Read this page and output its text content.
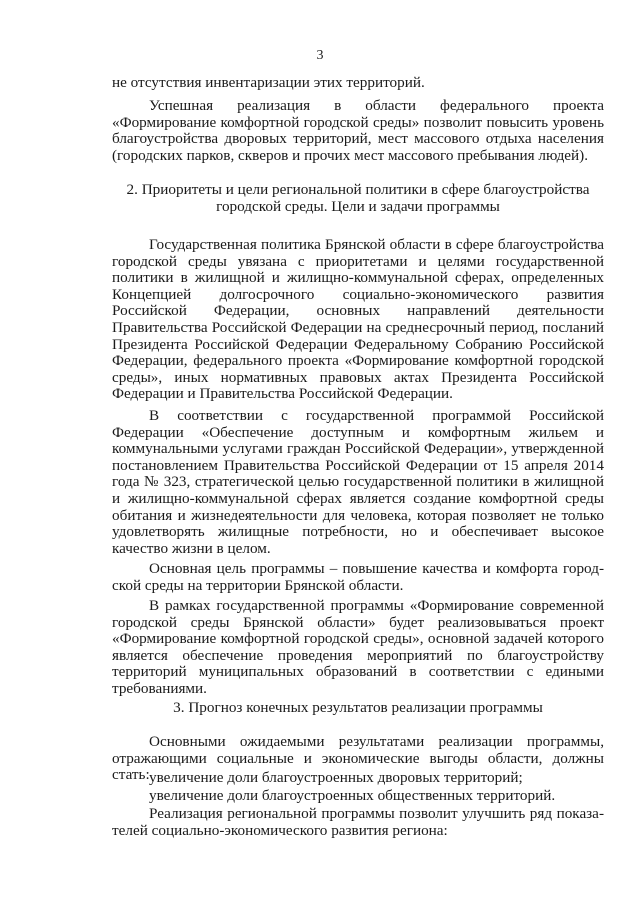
3

не отсутствия инвентаризации этих территорий.

Успешная реализация в области федерального проекта «Формирование комфортной городской среды» позволит повысить уровень благоустройства дворовых территорий, мест массового отдыха населения (городских парков, скверов и прочих мест массового пребывания людей).

2. Приоритеты и цели региональной политики в сфере благоустройства городской среды. Цели и задачи программы

Государственная политика Брянской области в сфере благоустройства городской среды увязана с приоритетами и целями государственной политики в жилищной и жилищно-коммунальной сферах, определенных Концепцией долгосрочного социально-экономического развития Российской Федерации, основных направлений деятельности Правительства Российской Федерации на среднесрочный период, посланий Президента Российской Федерации Федеральному Собранию Российской Федерации, федерального проекта «Формирование комфортной городской среды», иных нормативных правовых актах Президента Российской Федерации и Правительства Российской Федерации.

В соответствии с государственной программой Российской Федерации «Обеспечение доступным и комфортным жильем и коммунальными услугами граждан Российской Федерации», утвержденной постановлением Правительства Российской Федерации от 15 апреля 2014 года № 323, стратегической целью государственной политики в жилищной и жилищно-коммунальной сферах является создание комфортной среды обитания и жизнедеятельности для человека, которая позволяет не только удовлетворять жилищные потребности, но и обеспечивает высокое качество жизни в целом.

Основная цель программы – повышение качества и комфорта городской среды на территории Брянской области.

В рамках государственной программы «Формирование современной городской среды Брянской области» будет реализовываться проект «Формирование комфортной городской среды», основной задачей которого является обеспечение проведения мероприятий по благоустройству территорий муниципальных образований в соответствии с едиными требованиями.

3. Прогноз конечных результатов реализации программы

Основными ожидаемыми результатами реализации программы, отражающими социальные и экономические выгоды области, должны стать: увеличение доли благоустроенных дворовых территорий;

увеличение доли благоустроенных общественных территорий.

Реализация региональной программы позволит улучшить ряд показателей социально-экономического развития региона:
